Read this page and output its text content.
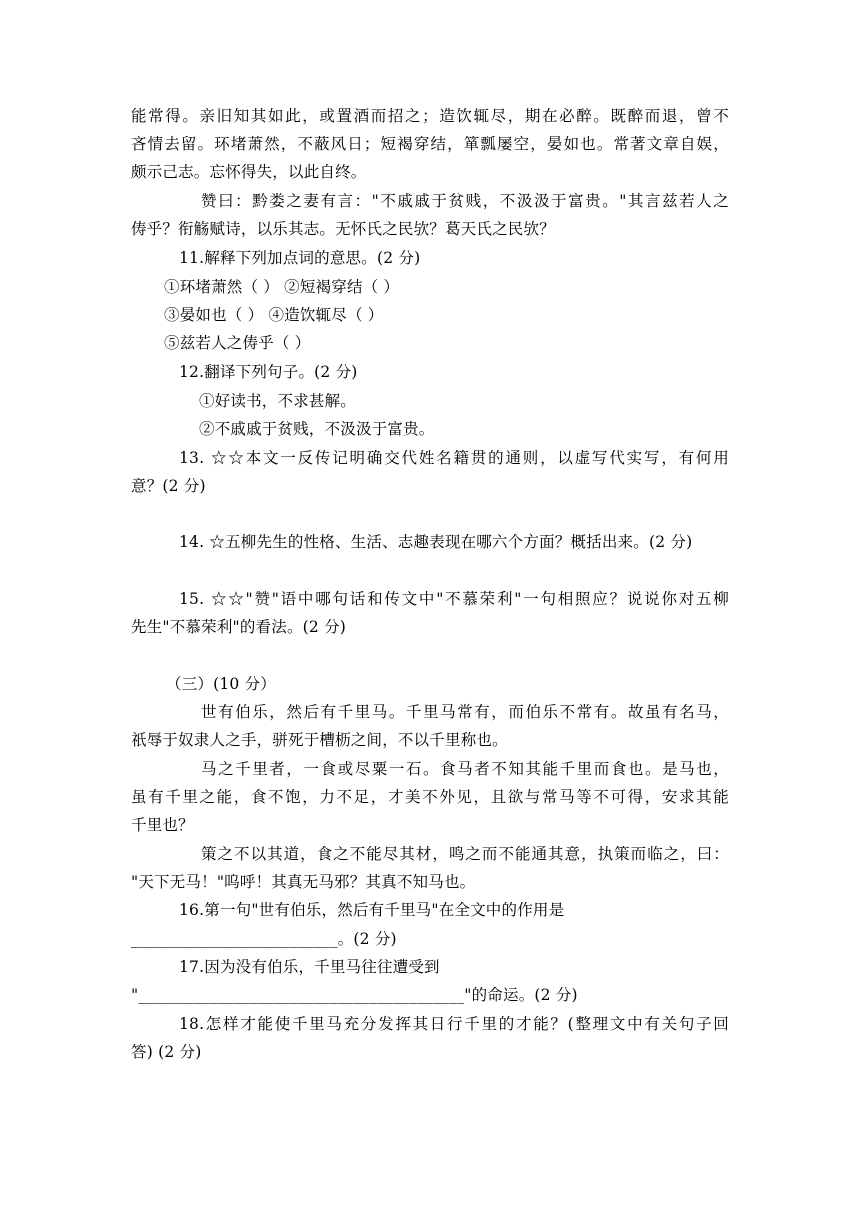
能常得。亲旧知其如此，或置酒而招之；造饮辄尽，期在必醉。既醉而退，曾不
吝情去留。环堵萧然，不蔽风日；短褐穿结，箪瓢屡空，晏如也。常著文章自娱，
颇示己志。忘怀得失，以此自终。
赞曰：黔娄之妻有言："不戚戚于贫贱，不汲汲于富贵。"其言兹若人之
俦乎？衔觞赋诗，以乐其志。无怀氏之民欤？葛天氏之民欤？
11.解释下列加点词的意思。(2 分)
①环堵萧然（ ） ②短褐穿结（ ）
③晏如也（ ） ④造饮辄尽（ ）
⑤兹若人之俦乎（ ）
12.翻译下列句子。(2 分)
①好读书，不求甚解。
②不戚戚于贫贱，不汲汲于富贵。
13. ☆☆本文一反传记明确交代姓名籍贯的通则，以虚写代实写，有何用
意？(2 分)
14. ☆五柳先生的性格、生活、志趣表现在哪六个方面？概括出来。(2 分)
15. ☆☆"赞"语中哪句话和传文中"不慕荣利"一句相照应？说说你对五柳
先生"不慕荣利"的看法。(2 分)
（三）(10 分）
世有伯乐，然后有千里马。千里马常有，而伯乐不常有。故虽有名马，
祇辱于奴隶人之手，骈死于槽枥之间，不以千里称也。
马之千里者，一食或尽粟一石。食马者不知其能千里而食也。是马也，
虽有千里之能，食不饱，力不足，才美不外见，且欲与常马等不可得，安求其能
千里也？
策之不以其道，食之不能尽其材，鸣之而不能通其意，执策而临之，曰：
"天下无马！"呜呼！其真无马邪？其真不知马也。
16.第一句"世有伯乐，然后有千里马"在全文中的作用是
__________________________。(2 分)
17.因为没有伯乐，千里马往往遭受到
"_________________________________________"的命运。(2 分)
18.怎样才能使千里马充分发挥其日行千里的才能？(整理文中有关句子回
答) (2 分)
